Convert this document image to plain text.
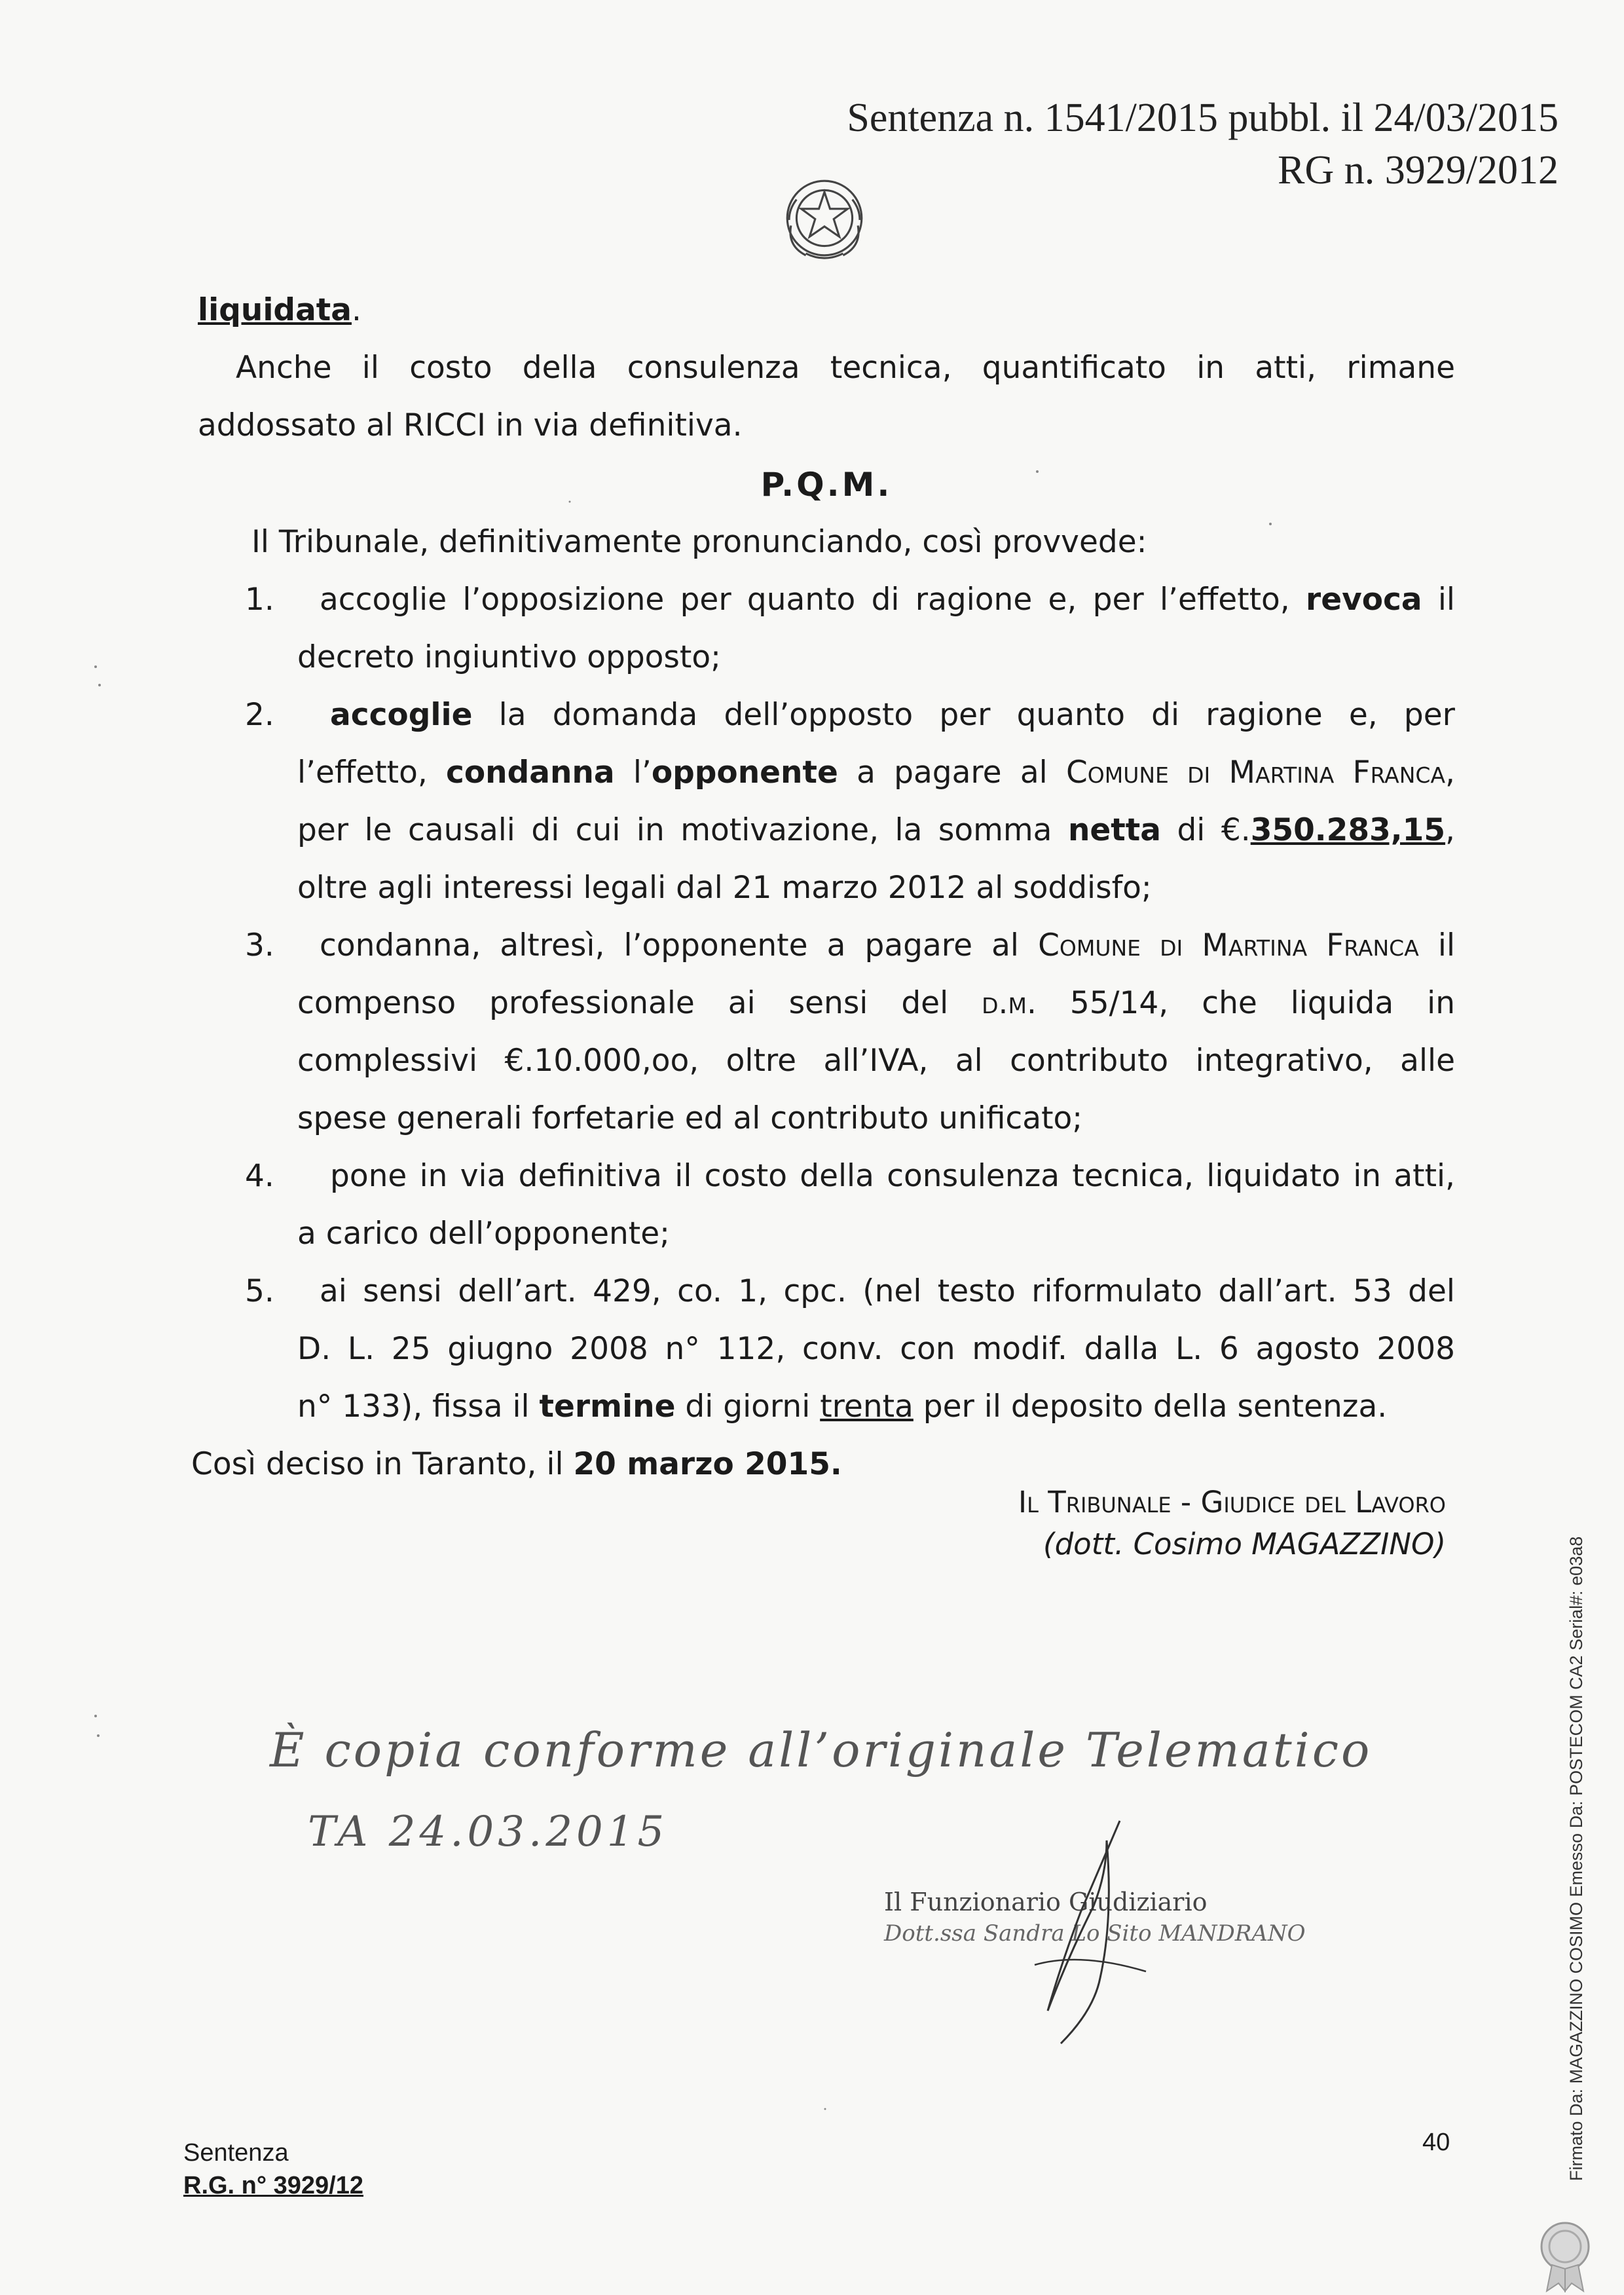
Sentenza n. 1541/2015 pubbl. il 24/03/2015
RG n. 3929/2012
liquidata.
Anche il costo della consulenza tecnica, quantificato in atti, rimane
addossato al RICCI in via definitiva.
P.Q.M.
Il Tribunale, definitivamente pronunciando, così provvede:
1.	accoglie l’opposizione per quanto di ragione e, per l’effetto, revoca il
decreto ingiuntivo opposto;
2.	accoglie la domanda dell’opposto per quanto di ragione e, per
l’effetto, condanna l’opponente a pagare al Comune di Martina Franca,
per le causali di cui in motivazione, la somma netta di €.350.283,15,
oltre agli interessi legali dal 21 marzo 2012 al soddisfo;
3.	condanna, altresì, l’opponente a pagare al Comune di Martina Franca il
compenso professionale ai sensi del d.m. 55/14, che liquida in
complessivi €.10.000,oo, oltre all’IVA, al contributo integrativo, alle
spese generali forfetarie ed al contributo unificato;
4.	pone in via definitiva il costo della consulenza tecnica, liquidato in atti,
a carico dell’opponente;
5.	ai sensi dell’art. 429, co. 1, cpc. (nel testo riformulato dall’art. 53 del
D. L. 25 giugno 2008 n° 112, conv. con modif. dalla L. 6 agosto 2008
n° 133), fissa il termine di giorni trenta per il deposito della sentenza.
Così deciso in Taranto, il 20 marzo 2015.
Il Tribunale - Giudice del Lavoro
(dott. Cosimo MAGAZZINO)
È copia conforme all’originale Telematico
TA 24.03.2015
Il Funzionario Giudiziario
Dott.ssa Sandra Lo Sito MANDRANO
Sentenza
R.G. n° 3929/12
40	Firmato Da: MAGAZZINO COSIMO Emesso Da: POSTECOM CA2 Serial#: e03a8
